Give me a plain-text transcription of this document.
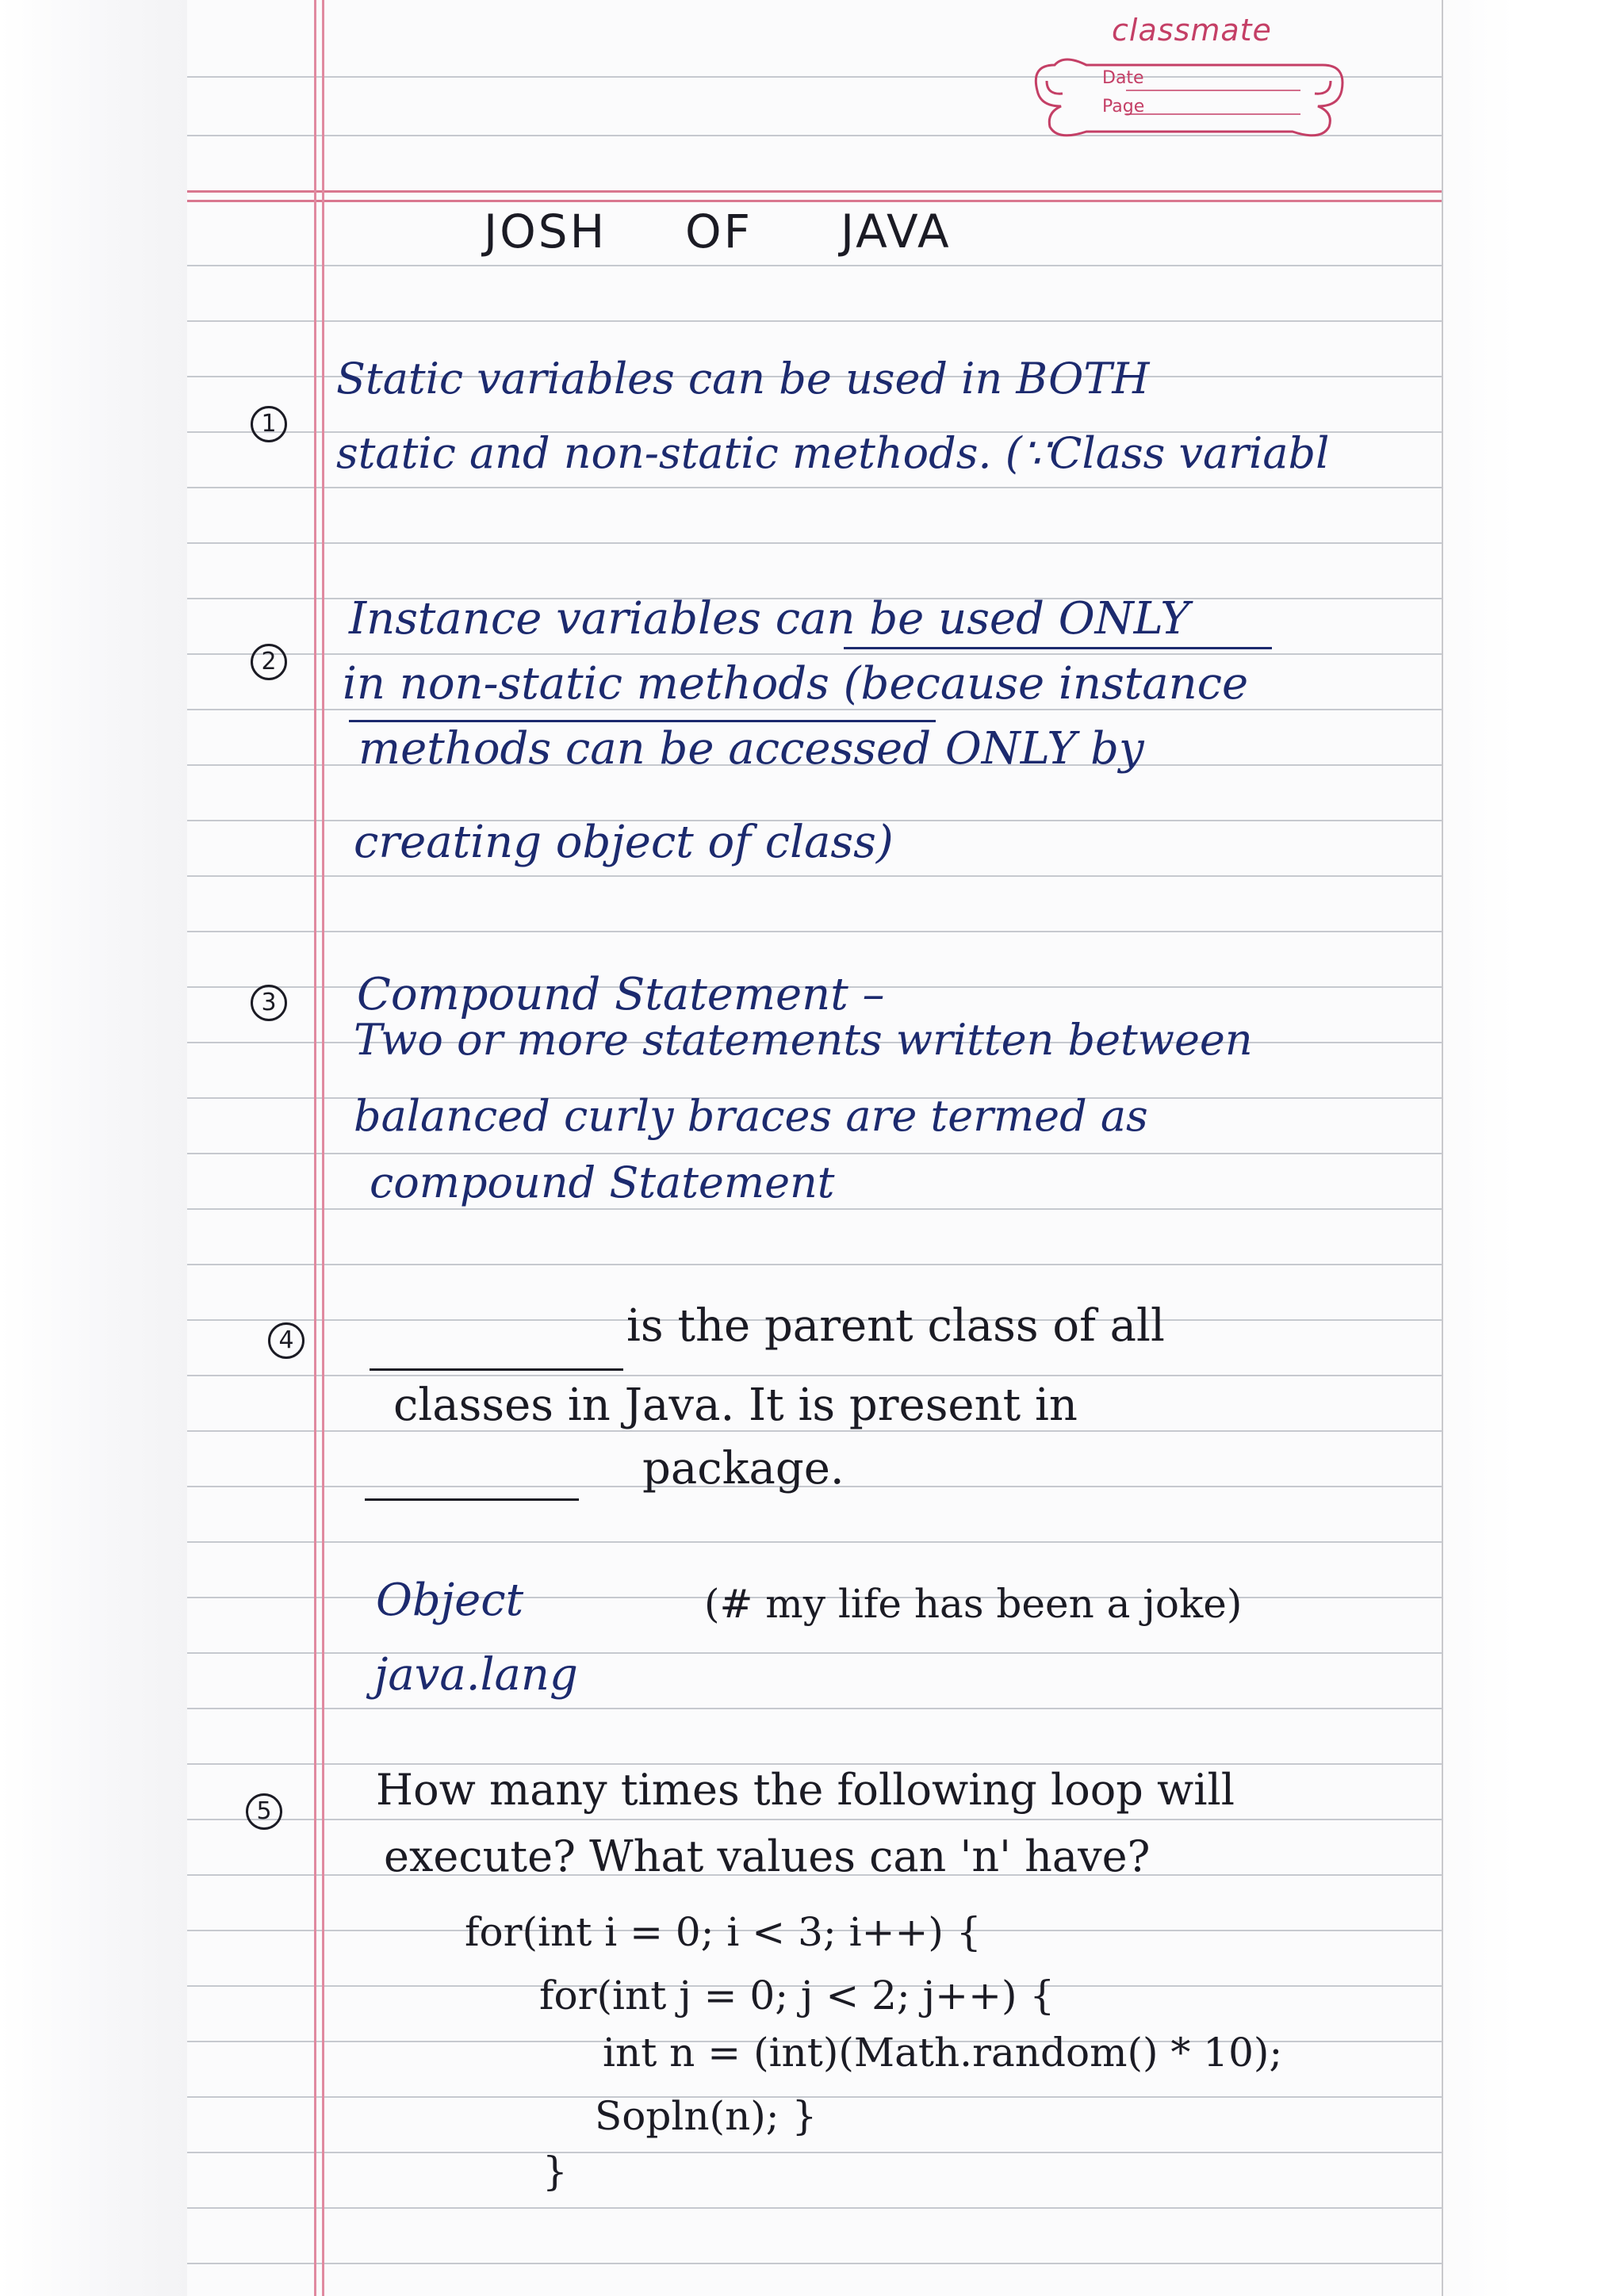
classmate
Date
Page
JOSH OF JAVA
1
Static variables can be used in BOTH
static and non-static methods. (∵Class variabl
2
Instance variables can be used ONLY
in non-static methods (because instance
methods can be accessed ONLY by
creating object of class)
3 Compound Statement –
Two or more statements written between
balanced curly braces are termed as
compound Statement
4	is the parent class of all
classes in Java. It is present in
package.
Object
java.lang
(# my life has been a joke)
5 How many times the following loop will
execute? What values can 'n' have?
for(int i = 0; i < 3; i++) {
for(int j = 0; j < 2; j++) {
int n = (int)(Math.random() * 10);
Sopln(n); }
}
